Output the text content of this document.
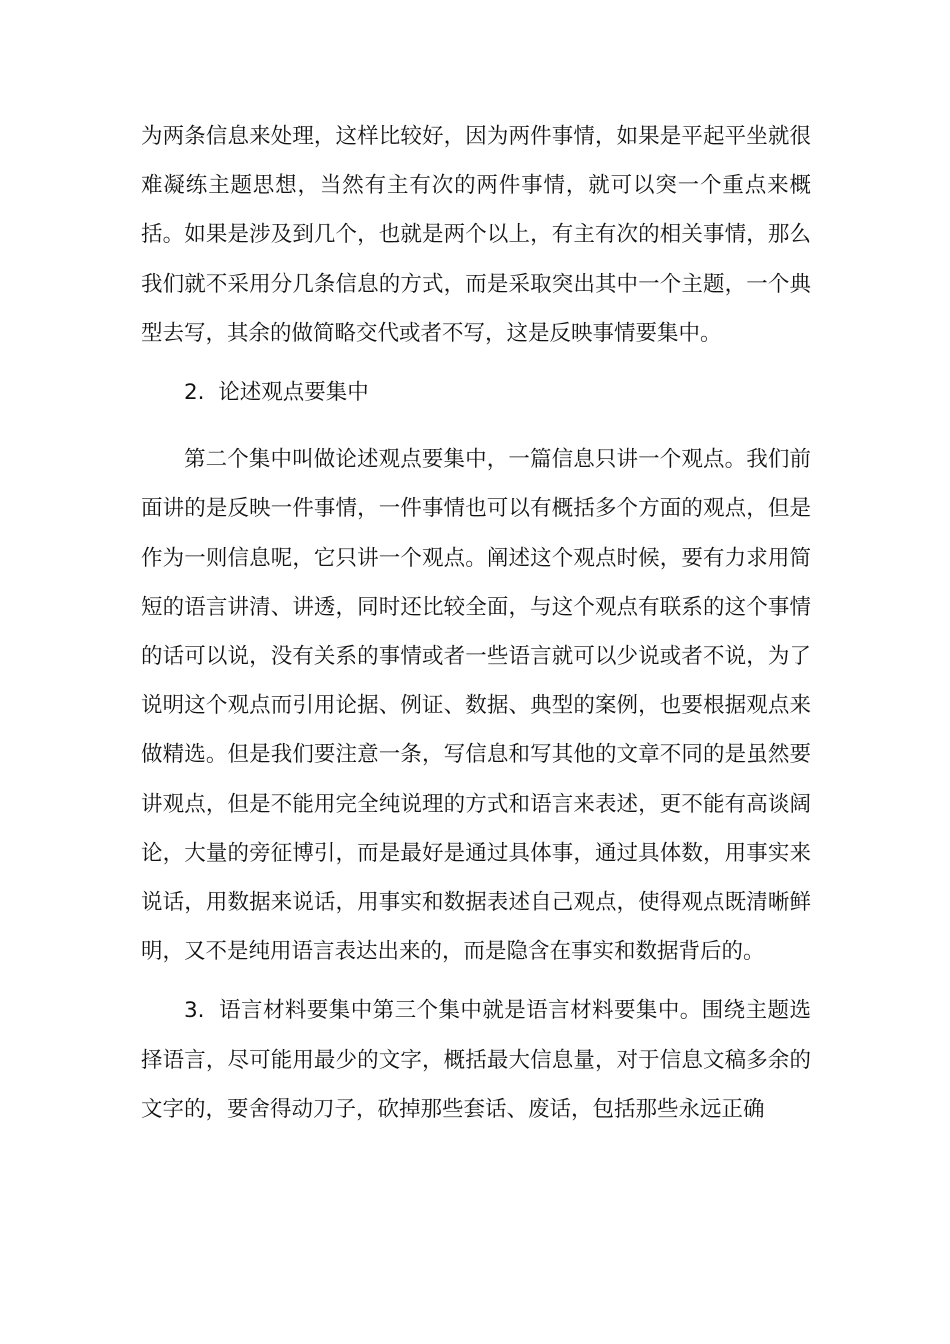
为两条信息来处理，这样比较好，因为两件事情，如果是平起平坐就很难凝练主题思想，当然有主有次的两件事情，就可以突一个重点来概括。如果是涉及到几个，也就是两个以上，有主有次的相关事情，那么我们就不采用分几条信息的方式，而是采取突出其中一个主题，一个典型去写，其余的做简略交代或者不写，这是反映事情要集中。

2. 论述观点要集中

第二个集中叫做论述观点要集中，一篇信息只讲一个观点。我们前面讲的是反映一件事情，一件事情也可以有概括多个方面的观点，但是作为一则信息呢，它只讲一个观点。阐述这个观点时候，要有力求用简短的语言讲清、讲透，同时还比较全面，与这个观点有联系的这个事情的话可以说，没有关系的事情或者一些语言就可以少说或者不说，为了说明这个观点而引用论据、例证、数据、典型的案例，也要根据观点来做精选。但是我们要注意一条，写信息和写其他的文章不同的是虽然要讲观点，但是不能用完全纯说理的方式和语言来表述，更不能有高谈阔论，大量的旁征博引，而是最好是通过具体事，通过具体数，用事实来说话，用数据来说话，用事实和数据表述自己观点，使得观点既清晰鲜明，又不是纯用语言表达出来的，而是隐含在事实和数据背后的。

3. 语言材料要集中第三个集中就是语言材料要集中。围绕主题选择语言，尽可能用最少的文字，概括最大信息量，对于信息文稿多余的文字的，要舍得动刀子，砍掉那些套话、废话，包括那些永远正确
